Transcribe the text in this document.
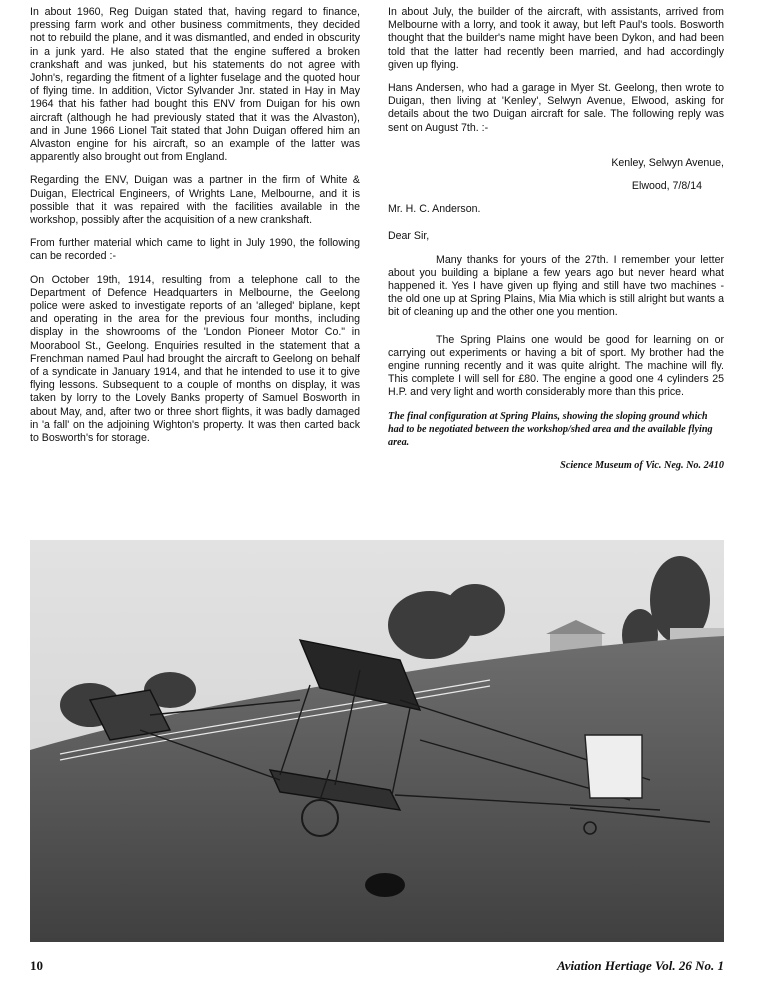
In about 1960, Reg Duigan stated that, having regard to finance, pressing farm work and other business commitments, they decided not to rebuild the plane, and it was dismantled, and ended in obscurity in a junk yard. He also stated that the engine suffered a broken crankshaft and was junked, but his statements do not agree with John's, regarding the fitment of a lighter fuselage and the quoted hour of flying time. In addition, Victor Sylvander Jnr. stated in Hay in May 1964 that his father had bought this ENV from Duigan for his own aircraft (although he had previously stated that it was the Alvaston), and in June 1966 Lionel Tait stated that John Duigan offered him an Alvaston engine for his aircraft, so an example of the latter was apparently also brought out from England.

Regarding the ENV, Duigan was a partner in the firm of White & Duigan, Electrical Engineers, of Wrights Lane, Melbourne, and it is possible that it was repaired with the facilities available in the workshop, possibly after the acquisition of a new crankshaft.

From further material which came to light in July 1990, the following can be recorded :-

On October 19th, 1914, resulting from a telephone call to the Department of Defence Headquarters in Melbourne, the Geelong police were asked to investigate reports of an 'alleged' biplane, kept and operating in the area for the previous four months, including display in the showrooms of the 'London Pioneer Motor Co." in Moorabool St., Geelong. Enquiries resulted in the statement that a Frenchman named Paul had brought the aircraft to Geelong on behalf of a syndicate in January 1914, and that he intended to use it to give flying lessons. Subsequent to a couple of months on display, it was taken by lorry to the Lovely Banks property of Samuel Bosworth in about May, and, after two or three short flights, it was badly damaged in 'a fall' on the adjoining Wighton's property. It was then carted back to Bosworth's for storage.

In about July, the builder of the aircraft, with assistants, arrived from Melbourne with a lorry, and took it away, but left Paul's tools. Bosworth thought that the builder's name might have been Dykon, and had been told that the latter had recently been married, and had accordingly given up flying.

Hans Andersen, who had a garage in Myer St. Geelong, then wrote to Duigan, then living at 'Kenley', Selwyn Avenue, Elwood, asking for details about the two Duigan aircraft for sale. The following reply was sent on August 7th. :-

Kenley, Selwyn Avenue,

Elwood, 7/8/14

Mr. H. C. Anderson.

Dear Sir,

Many thanks for yours of the 27th. I remember your letter about you building a biplane a few years ago but never heard what happened it. Yes I have given up flying and still have two machines - the old one up at Spring Plains, Mia Mia which is still alright but wants a bit of cleaning up and the other one you mention.

The Spring Plains one would be good for learning on or carrying out experiments or having a bit of sport. My brother had the engine running recently and it was quite alright. The machine will fly. This complete I will sell for £80. The engine a good one 4 cylinders 25 H.P. and very light and worth considerably more than this price.

The final configuration at Spring Plains, showing the sloping ground which had to be negotiated between the workshop/shed area and the available flying area.

Science Museum of Vic. Neg. No. 2410

10	Aviation Hertiage Vol. 26 No. 1
